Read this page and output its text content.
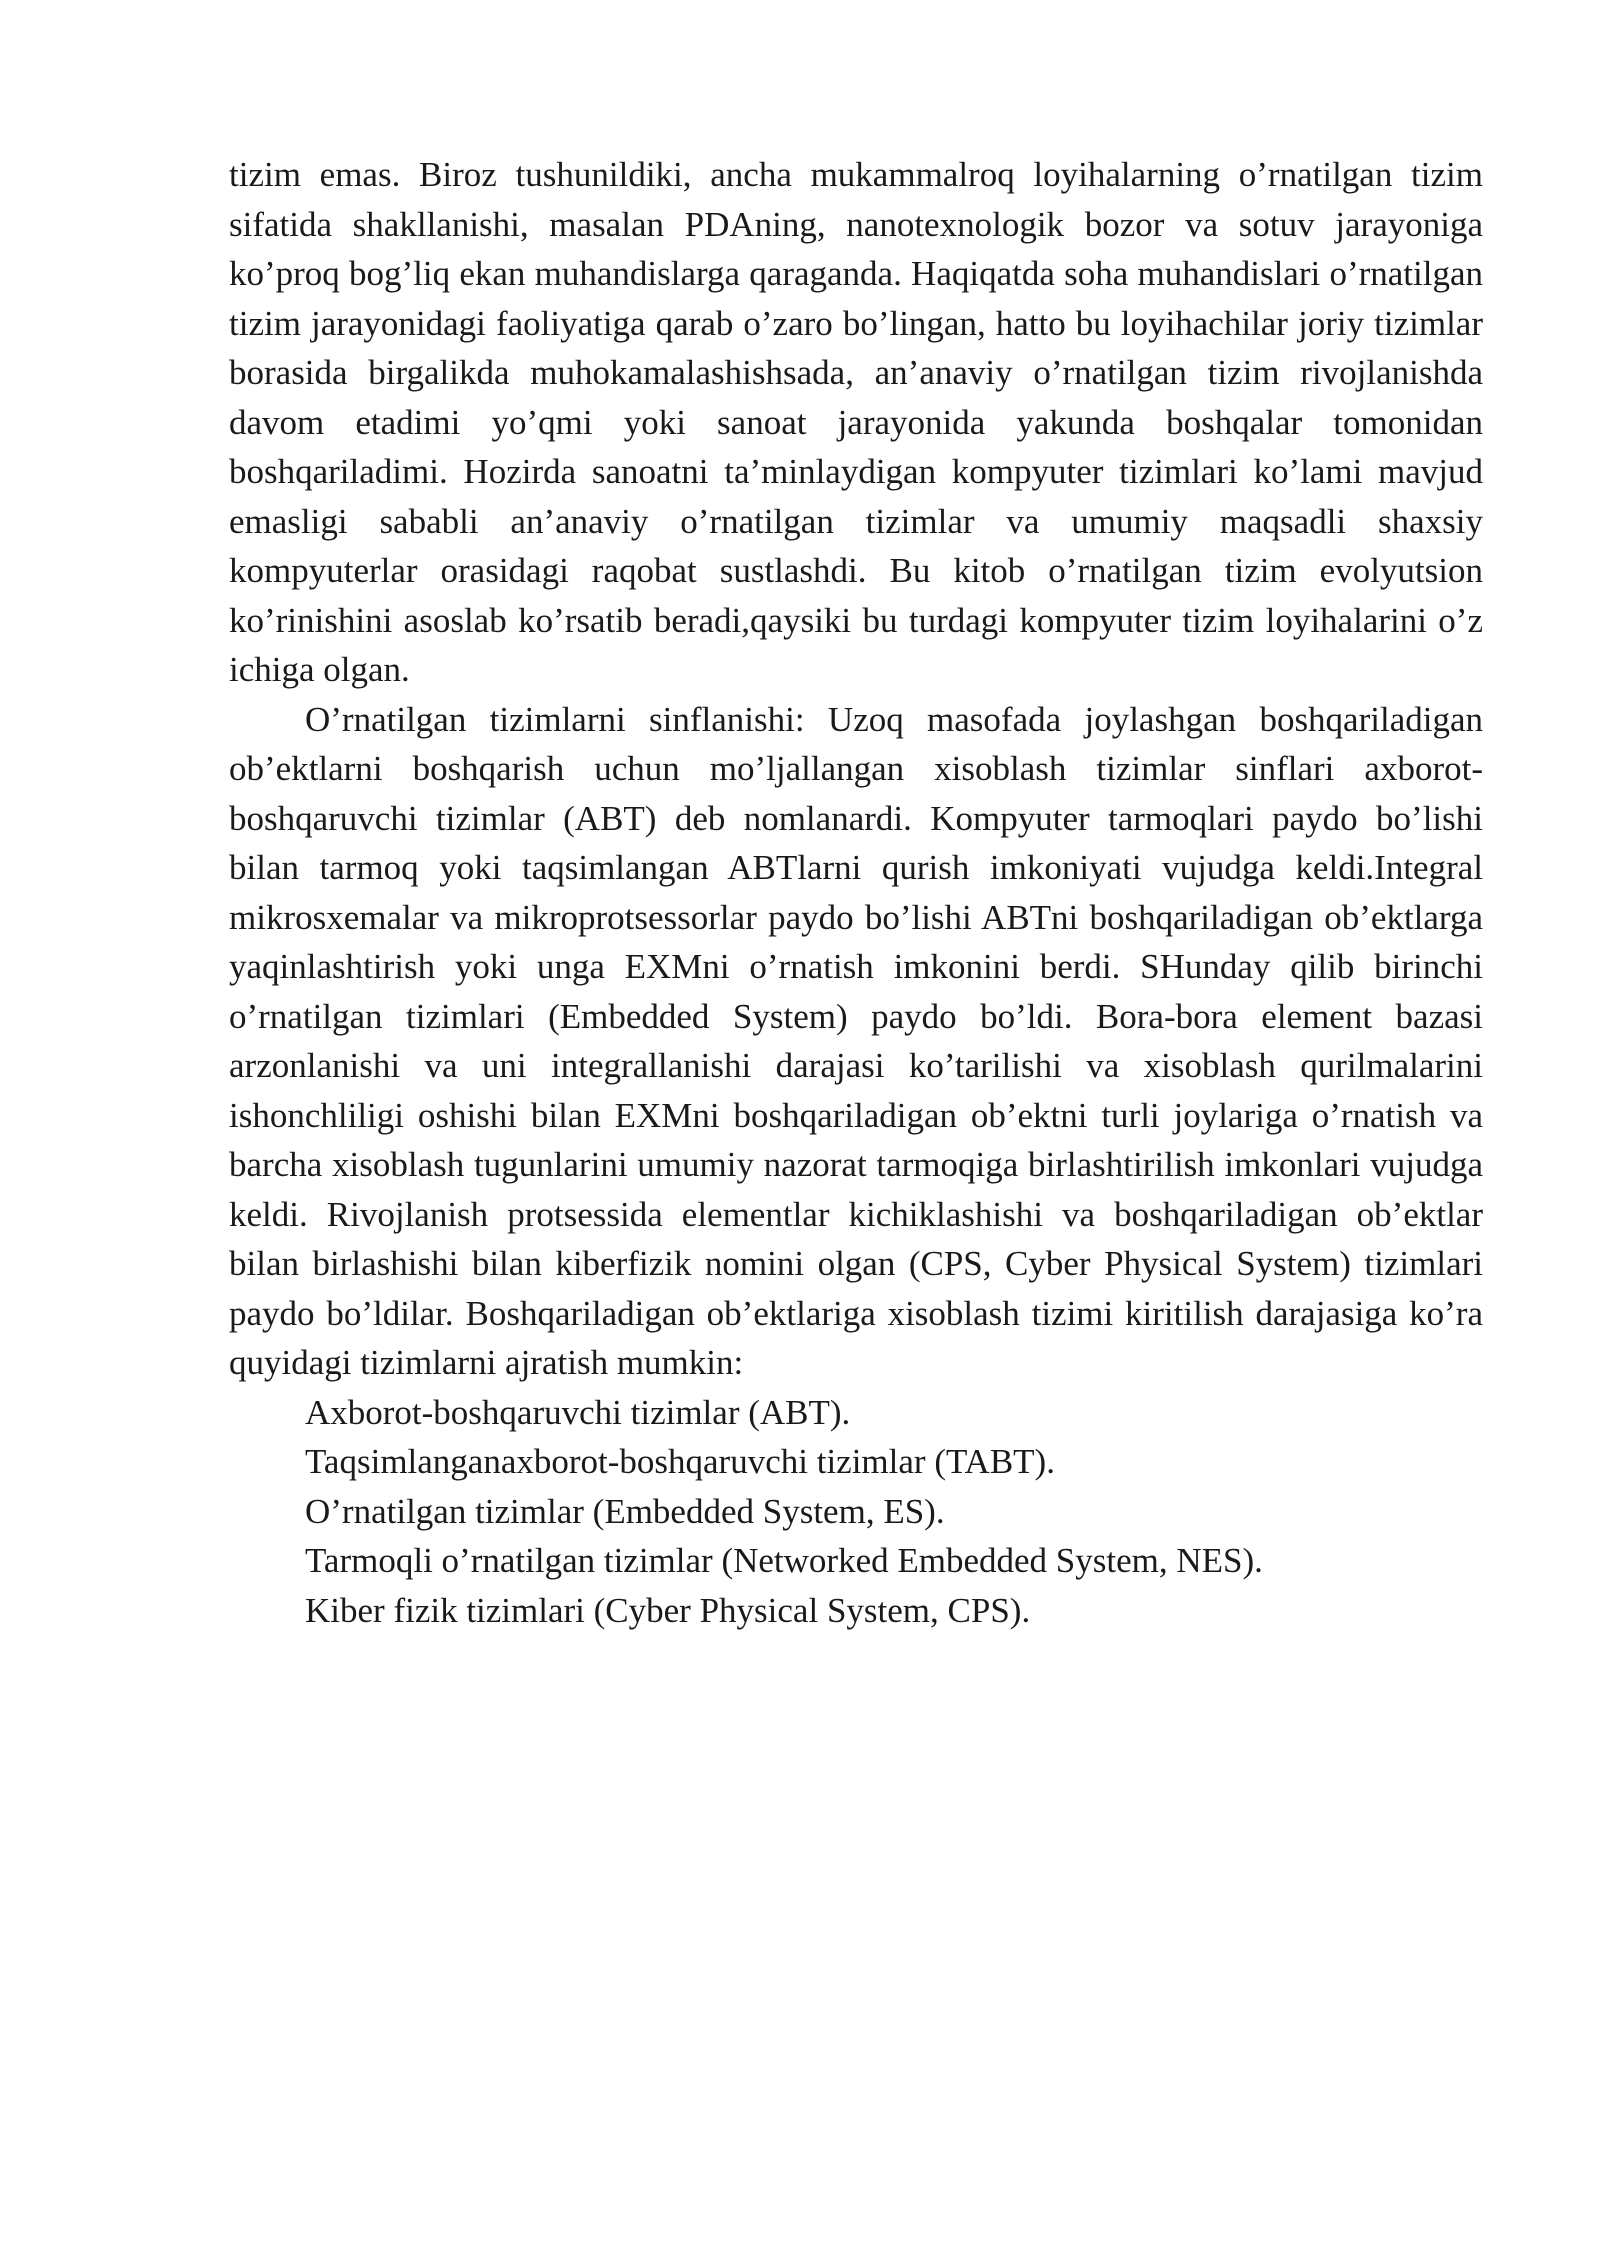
tizim emas. Biroz tushunildiki, ancha mukammalroq loyihalarning o’rnatilgan tizim sifatida shakllanishi, masalan PDAning, nanotexnologik bozor va sotuv jarayoniga ko’proq bog’liq ekan muhandislarga qaraganda. Haqiqatda soha muhandislari o’rnatilgan tizim jarayonidagi faoliyatiga qarab o’zaro bo’lingan, hatto bu loyihachilar joriy tizimlar borasida birgalikda muhokamalashishsada, an’anaviy o’rnatilgan tizim rivojlanishda davom etadimi yo’qmi yoki sanoat jarayonida yakunda boshqalar tomonidan boshqariladimi. Hozirda sanoatni ta’minlaydigan kompyuter tizimlari ko’lami mavjud emasligi sababli an’anaviy o’rnatilgan tizimlar va umumiy maqsadli shaxsiy kompyuterlar orasidagi raqobat sustlashdi. Bu kitob o’rnatilgan tizim evolyutsion ko’rinishini asoslab ko’rsatib beradi,qaysiki bu turdagi kompyuter tizim loyihalarini o’z ichiga olgan.

O’rnatilgan tizimlarni sinflanishi: Uzoq masofada joylashgan boshqariladigan ob’ektlarni boshqarish uchun mo’ljallangan xisoblash tizimlar sinflari axborot-boshqaruvchi tizimlar (ABT) deb nomlanardi. Kompyuter tarmoqlari paydo bo’lishi bilan tarmoq yoki taqsimlangan ABTlarni qurish imkoniyati vujudga keldi.Integral mikrosxemalar va mikroprotsessorlar paydo bo’lishi ABTni boshqariladigan ob’ektlarga yaqinlashtirish yoki unga EXMni o’rnatish imkonini berdi. SHunday qilib birinchi o’rnatilgan tizimlari (Embedded System) paydo bo’ldi. Bora-bora element bazasi arzonlanishi va uni integrallanishi darajasi ko’tarilishi va xisoblash qurilmalarini ishonchliligi oshishi bilan EXMni boshqariladigan ob’ektni turli joylariga o’rnatish va barcha xisoblash tugunlarini umumiy nazorat tarmoqiga birlashtirilish imkonlari vujudga keldi. Rivojlanish protsessida elementlar kichiklashishi va boshqariladigan ob’ektlar bilan birlashishi bilan kiberfizik nomini olgan (CPS, Cyber Physical System) tizimlari paydo bo’ldilar. Boshqariladigan ob’ektlariga xisoblash tizimi kiritilish darajasiga ko’ra quyidagi tizimlarni ajratish mumkin:

Axborot-boshqaruvchi tizimlar (ABT).
Taqsimlanganaxborot-boshqaruvchi tizimlar (TABT).
O’rnatilgan tizimlar (Embedded System, ES).
Tarmoqli o’rnatilgan tizimlar (Networked Embedded System, NES).
Kiber fizik tizimlari (Cyber Physical System, CPS).
